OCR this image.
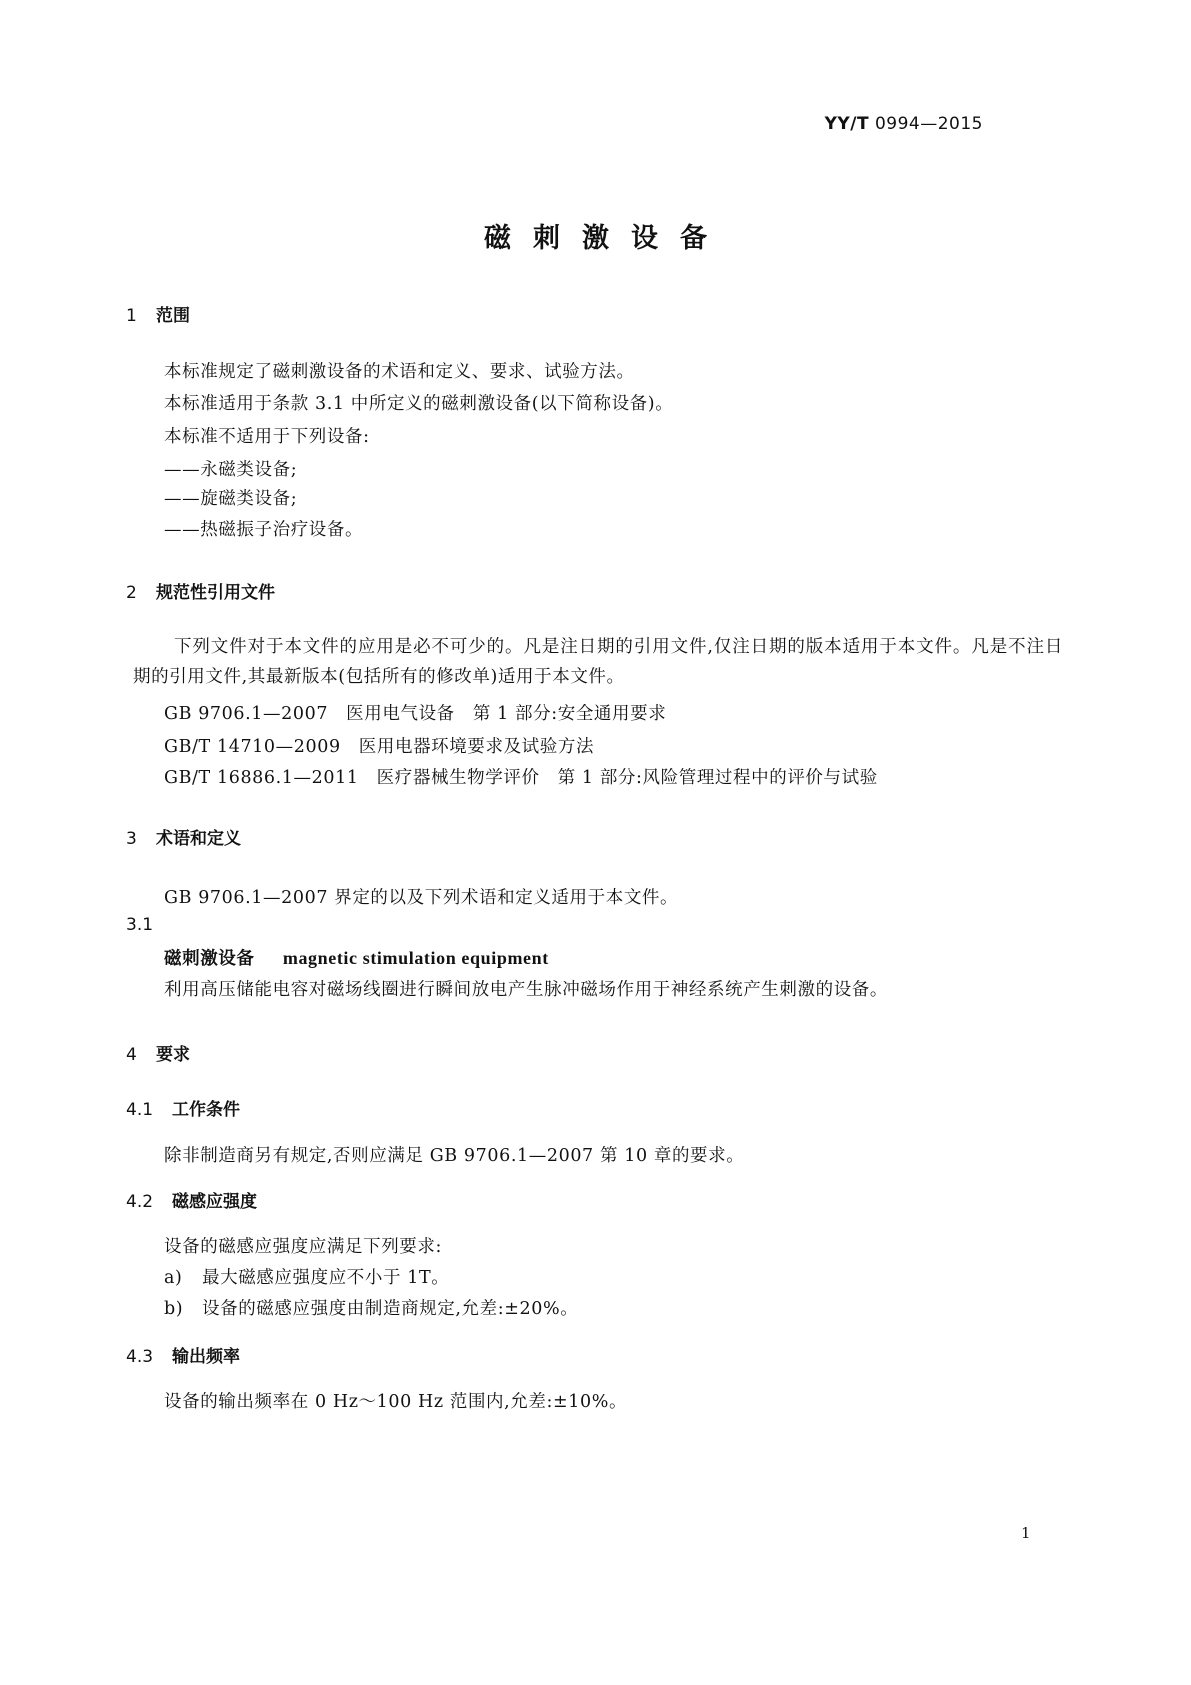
YY/T 0994—2015
磁刺激设备
1 范围
本标准规定了磁刺激设备的术语和定义、要求、试验方法。
本标准适用于条款 3.1 中所定义的磁刺激设备(以下简称设备)。
本标准不适用于下列设备:
——永磁类设备;
——旋磁类设备;
——热磁振子治疗设备。
2 规范性引用文件
下列文件对于本文件的应用是必不可少的。凡是注日期的引用文件,仅注日期的版本适用于本文件。凡是不注日期的引用文件,其最新版本(包括所有的修改单)适用于本文件。
GB 9706.1—2007　医用电气设备　第 1 部分:安全通用要求
GB/T 14710—2009　医用电器环境要求及试验方法
GB/T 16886.1—2011　医疗器械生物学评价　第 1 部分:风险管理过程中的评价与试验
3 术语和定义
GB 9706.1—2007 界定的以及下列术语和定义适用于本文件。
3.1
磁刺激设备 magnetic stimulation equipment
利用高压储能电容对磁场线圈进行瞬间放电产生脉冲磁场作用于神经系统产生刺激的设备。
4 要求
4.1 工作条件
除非制造商另有规定,否则应满足 GB 9706.1—2007 第 10 章的要求。
4.2 磁感应强度
设备的磁感应强度应满足下列要求:
a) 最大磁感应强度应不小于 1T。
b) 设备的磁感应强度由制造商规定,允差:±20%。
4.3 输出频率
设备的输出频率在 0 Hz～100 Hz 范围内,允差:±10%。
1
